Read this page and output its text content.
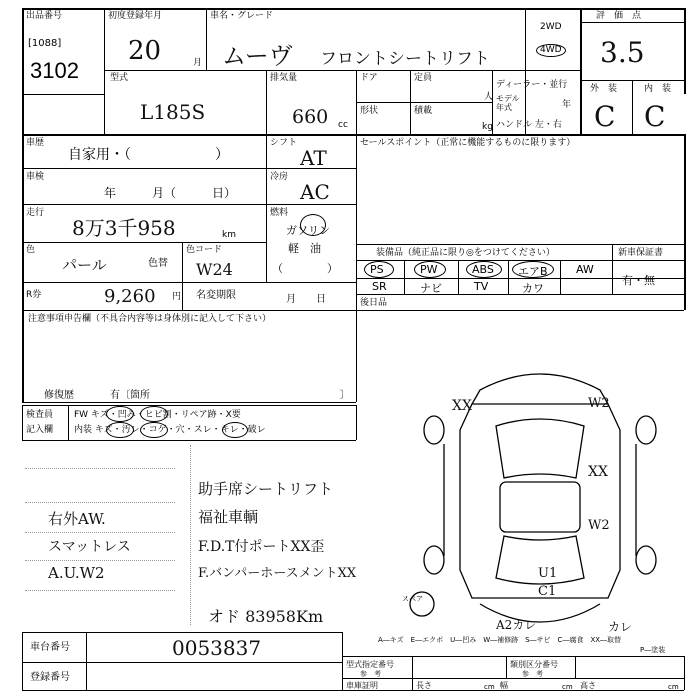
出品番号
[1088]
3102
初度登録年月
20	月
車名・グレード
ムーヴ フロントシートリフト
2WD
4WD
評　価　点
3.5
外　装	内　装
C C
型式
L185S
排気量
660 cc
ドア	定員
人
形状	積載
kg
ディーラー・並行
モデル
年式	年
ハンドル 左・右
車歴
自家用・（　　　　　　）
車検
年　　　月（　　　日）
走行
8万3千958	km
色
パール	色替
色コード
W24
シフト
AT
冷房
AC
燃料
ガソリン
軽　油
（　　　　）
セールスポイント（正常に機能するものに限ります）
装備品（純正品に限り◎をつけてください）	新車保証書
有・無
PS	PW	ABS エアB	AW
SR	ナビ	TV	カワ
後日品
R券	9,260 円 名変期限	月　　日
注意事項申告欄（不具合内容等は身体別に記入して下さい）
修復歴	有〔箇所	〕
検査員
記入欄
FW キズ・凹み・ヒビ割・リペア跡・X要
内装 キズ・汚レ・コゲ・穴・スレ・キレ・破レ
右外AW.
スマットレス
A.U.W2
助手席シートリフト
福祉車輌
F.D.T付ポートXX歪
F.バンパーホースメントXX
オド 83958Km
XX	W2
XX
W2
U1
C1
A2カレ	カレ
スペア
A―キズ　E―エクボ　U―凹み　W―補修跡　S―サビ　C―腐食　XX―取替
P―塗装
車台番号	0053837
登録番号
型式指定番号
参　考
類別区分番号
参　考
車庫証明	長さ	幅	高さ
cm	cm	cm
